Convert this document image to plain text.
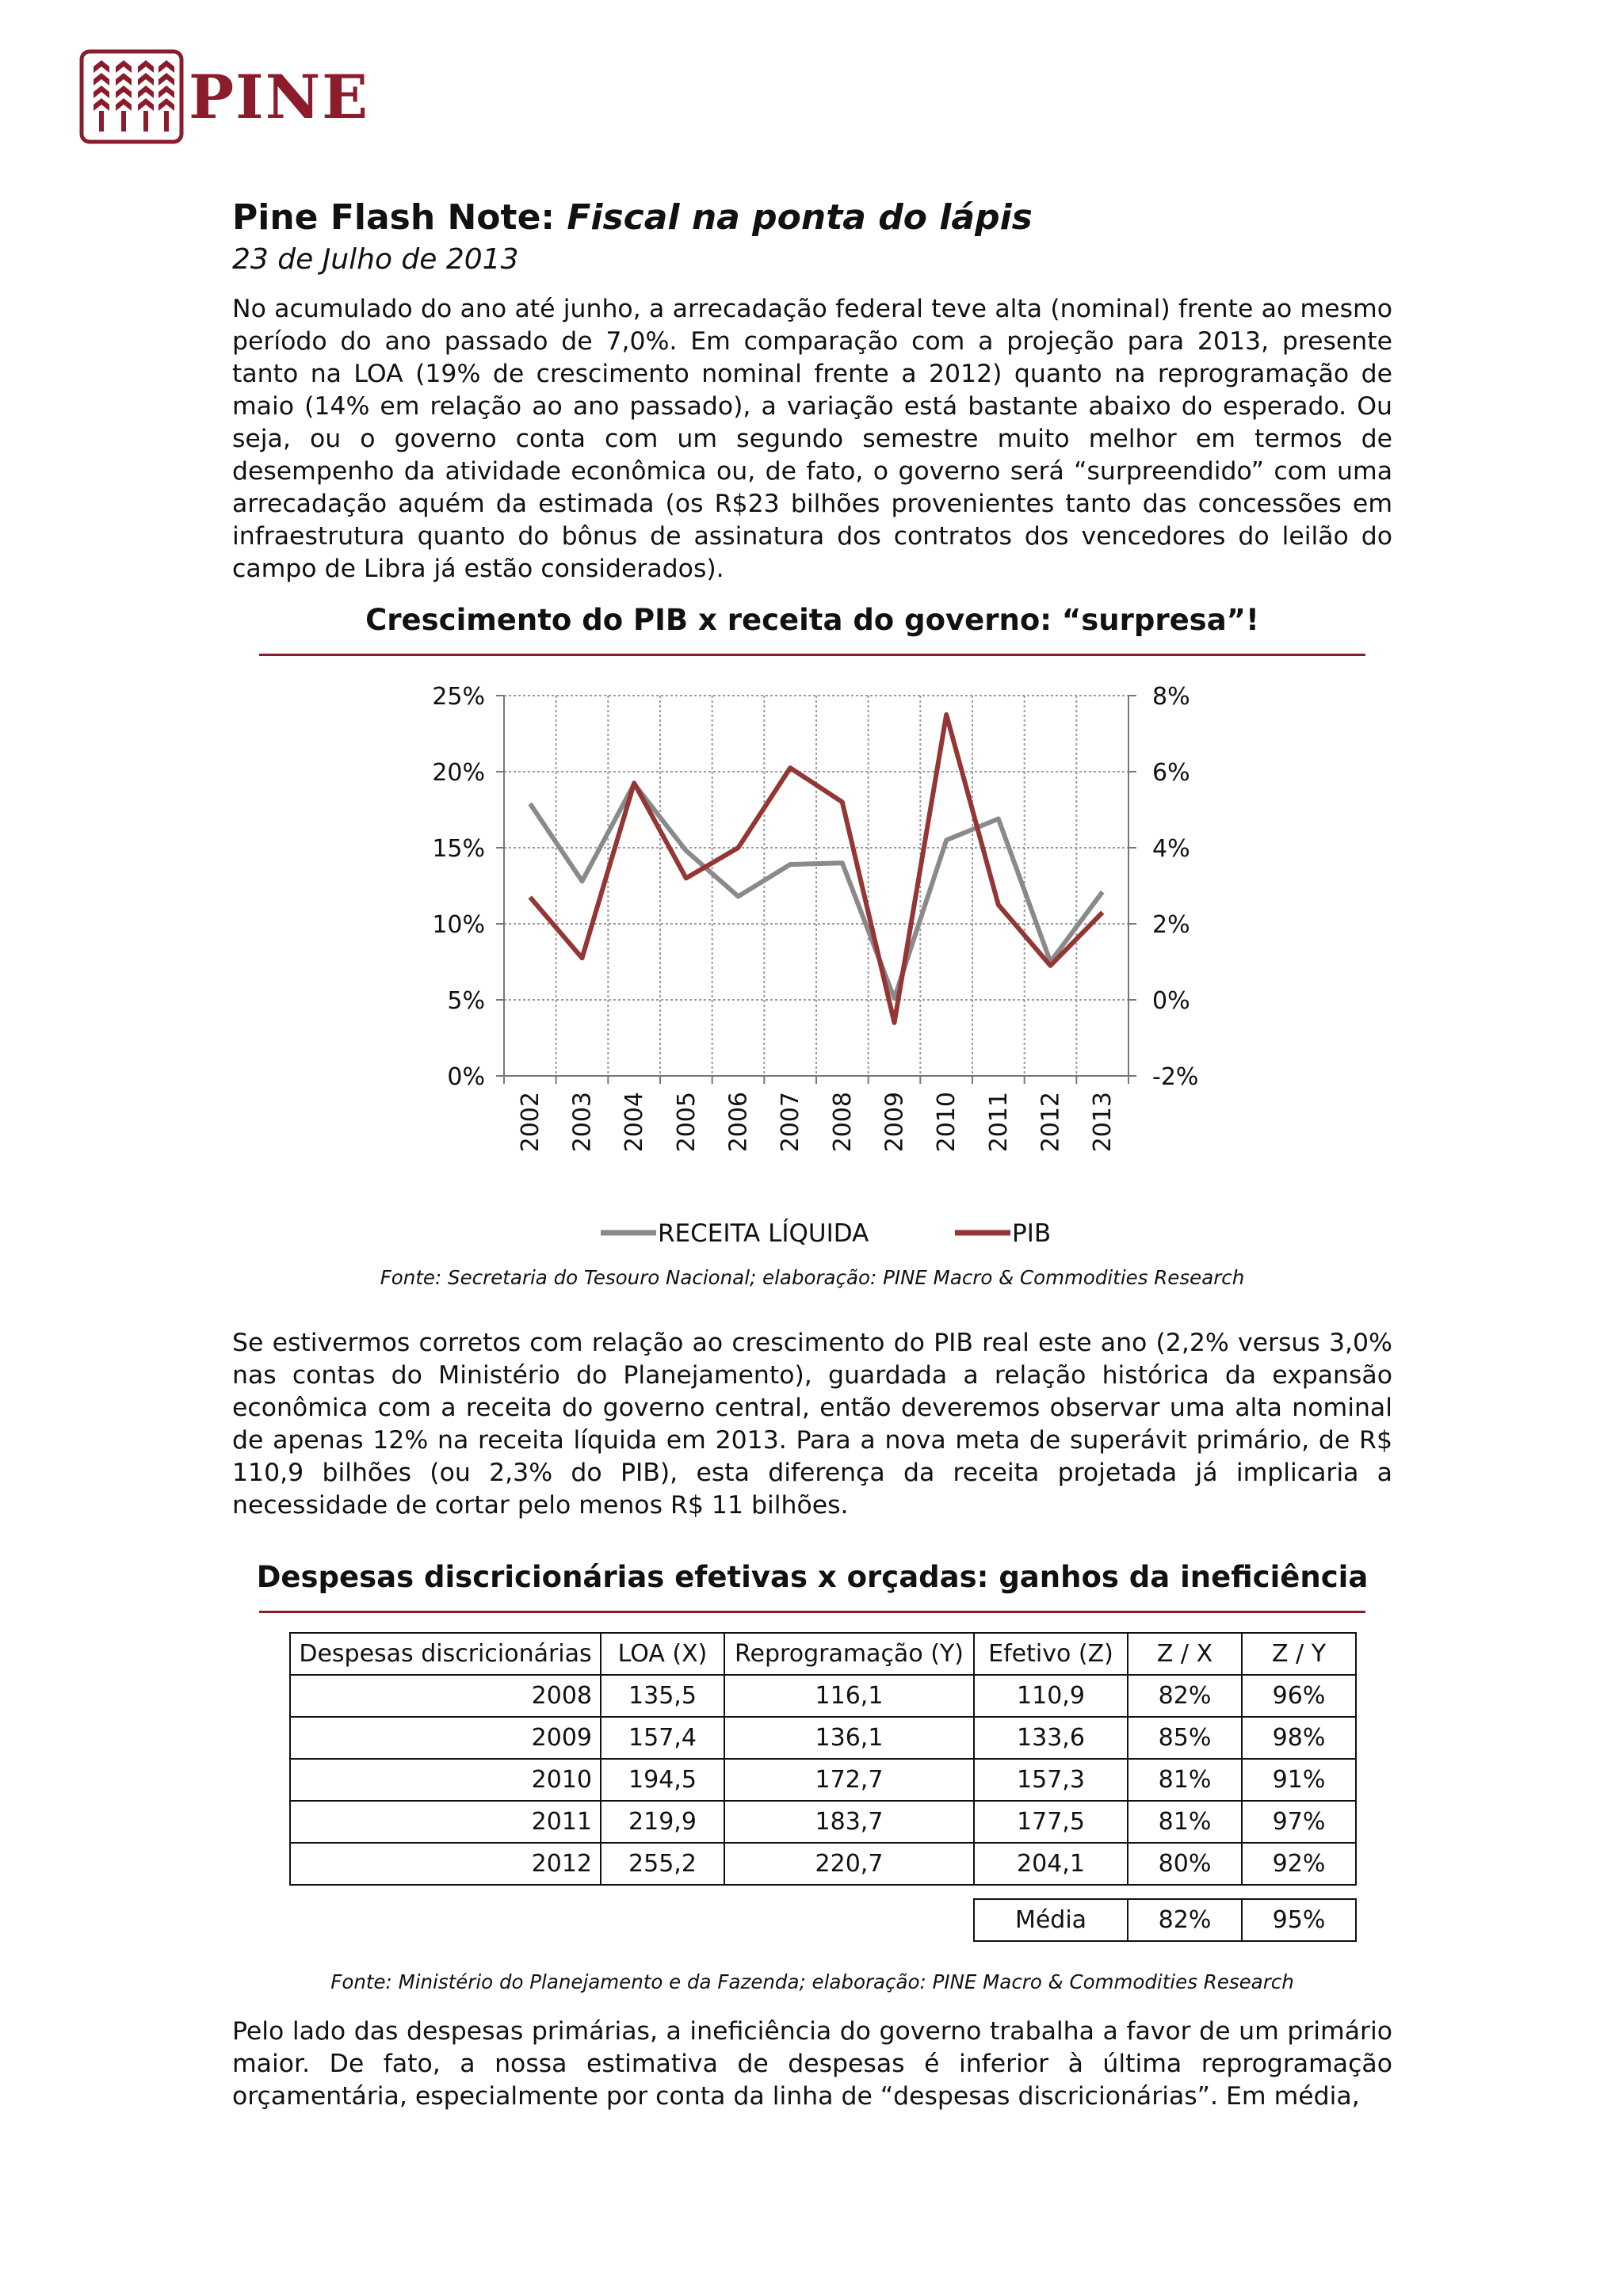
PINE
Pine Flash Note: Fiscal na ponta do lápis

23 de Julho de 2013

No acumulado do ano até junho, a arrecadação federal teve alta (nominal) frente ao mesmo período do ano passado de 7,0%. Em comparação com a projeção para 2013, presente tanto na LOA (19% de crescimento nominal frente a 2012) quanto na reprogramação de maio (14% em relação ao ano passado), a variação está bastante abaixo do esperado. Ou seja, ou o governo conta com um segundo semestre muito melhor em termos de desempenho da atividade econômica ou, de fato, o governo será “surpreendido” com uma arrecadação aquém da estimada (os R$23 bilhões provenientes tanto das concessões em infraestrutura quanto do bônus de assinatura dos contratos dos vencedores do leilão do campo de Libra já estão considerados).

Crescimento do PIB x receita do governo: “surpresa”!

0%
5%
10%
15%
20%
25%
-2%
0%
2%
4%
6%
8%
2002 2003 2004 2005 2006 2007 2008 2009 2010 2011 2012 2013
RECEITA LÍQUIDA	PIB

Fonte: Secretaria do Tesouro Nacional; elaboração: PINE Macro & Commodities Research

Se estivermos corretos com relação ao crescimento do PIB real este ano (2,2% versus 3,0% nas contas do Ministério do Planejamento), guardada a relação histórica da expansão econômica com a receita do governo central, então deveremos observar uma alta nominal de apenas 12% na receita líquida em 2013. Para a nova meta de superávit primário, de R$ 110,9 bilhões (ou 2,3% do PIB), esta diferença da receita projetada já implicaria a necessidade de cortar pelo menos R$ 11 bilhões.

Despesas discricionárias efetivas x orçadas: ganhos da ineficiência

Despesas discricionárias	LOA (X)	Reprogramação (Y)	Efetivo (Z)	Z / X	Z / Y
2008	135,5	116,1	110,9	82%	96%
2009	157,4	136,1	133,6	85%	98%
2010	194,5	172,7	157,3	81%	91%
2011	219,9	183,7	177,5	81%	97%
2012	255,2	220,7	204,1	80%	92%

			Média	82%	95%

Fonte: Ministério do Planejamento e da Fazenda; elaboração: PINE Macro & Commodities Research

Pelo lado das despesas primárias, a ineficiência do governo trabalha a favor de um primário maior. De fato, a nossa estimativa de despesas é inferior à última reprogramação orçamentária, especialmente por conta da linha de “despesas discricionárias”. Em média,
